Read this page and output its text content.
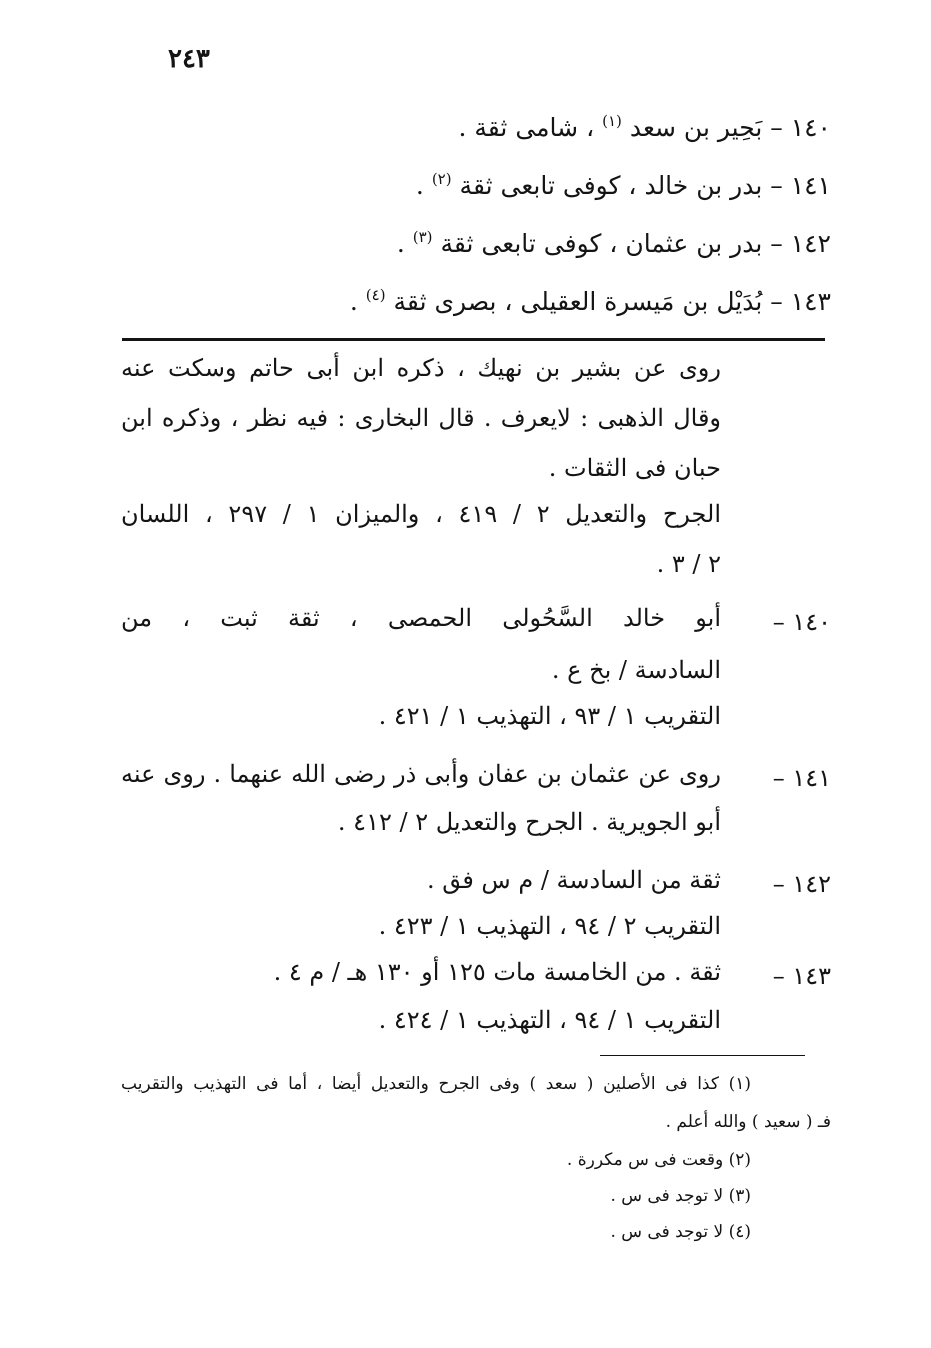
٢٤٣
١٤٠ – بَحِير بن سعد $^{(١)}$ ، شامى ثقة .
١٤١ – بدر بن خالد ، كوفى تابعى ثقة $^{(٢)}$ .
١٤٢ – بدر بن عثمان ، كوفى تابعى ثقة $^{(٣)}$ .
١٤٣ – بُدَيْل بن مَيسرة العقيلى ، بصرى ثقة $^{(٤)}$ .
روى عن بشير بن نهيك ، ذكره ابن أبى حاتم وسكت عنه
وقال الذهبى : لايعرف . قال البخارى : فيه نظر ، وذكره ابن
حبان فى الثقات .
الجرح والتعديل ٢ / ٤١٩ ، والميزان ١ / ٢٩٧ ، اللسان
٢ / ٣ .
١٤٠ –
أبو خالد السَّحُولى الحمصى ، ثقة ثبت ، من
السادسة / بخ ع .
التقريب ١ / ٩٣ ، التهذيب ١ / ٤٢١ .
١٤١ –
روى عن عثمان بن عفان وأبى ذر رضى الله عنهما . روى عنه
أبو الجويرية . الجرح والتعديل ٢ / ٤١٢ .
١٤٢ –
ثقة من السادسة / م س فق .
التقريب ٢ / ٩٤ ، التهذيب ١ / ٤٢٣ .
١٤٣ –
ثقة . من الخامسة مات ١٢٥ أو ١٣٠ هـ / م ٤ .
التقريب ١ / ٩٤ ، التهذيب ١ / ٤٢٤ .
(١) كذا فى الأصلين ( سعد ) وفى الجرح والتعديل أيضا ، أما فى التهذيب والتقريب
فـ ( سعيد ) والله أعلم .
(٢) وقعت فى س مكررة .
(٣) لا توجد فى س .
(٤) لا توجد فى س .
